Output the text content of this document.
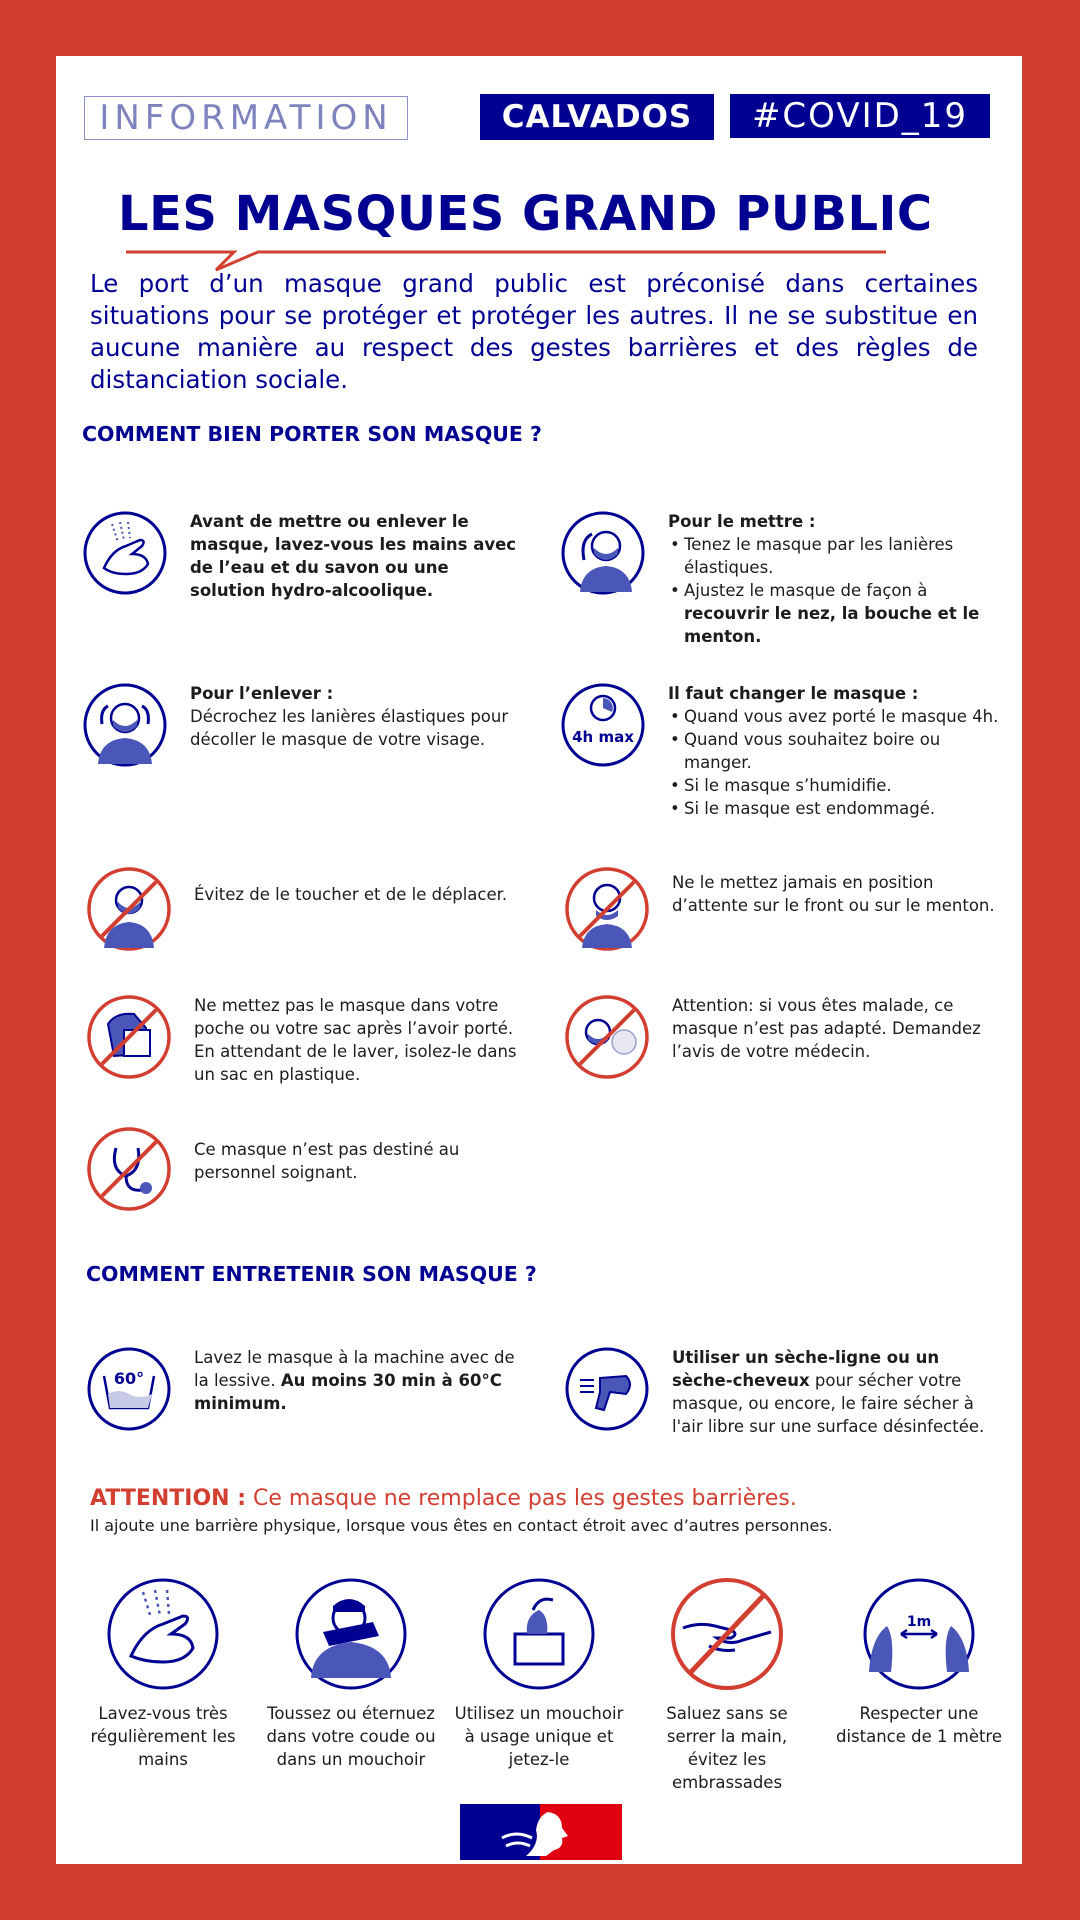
INFORMATION	CALVADOS	#COVID_19
LES MASQUES GRAND PUBLIC
Le port d’un masque grand public est préconisé dans certaines situations pour se protéger et protéger les autres. Il ne se substitue en aucune manière au respect des gestes barrières et des règles de distanciation sociale.
COMMENT BIEN PORTER SON MASQUE ?
Avant de mettre ou enlever le masque, lavez-vous les mains avec de l’eau et du savon ou une solution hydro-alcoolique.
Pour le mettre :
• Tenez le masque par les lanières élastiques.
• Ajustez le masque de façon à recouvrir le nez, la bouche et le menton.
Pour l’enlever :
Décrochez les lanières élastiques pour décoller le masque de votre visage.	4h max
Il faut changer le masque :
• Quand vous avez porté le masque 4h.
• Quand vous souhaitez boire ou manger.
• Si le masque s’humidifie.
• Si le masque est endommagé.
Évitez de le toucher et de le déplacer.
Ne le mettez jamais en position d’attente sur le front ou sur le menton.
Ne mettez pas le masque dans votre poche ou votre sac après l’avoir porté. En attendant de le laver, isolez-le dans un sac en plastique.
Attention: si vous êtes malade, ce masque n’est pas adapté. Demandez l’avis de votre médecin.
Ce masque n’est pas destiné au personnel soignant.
COMMENT ENTRETENIR SON MASQUE ?
60°
Lavez le masque à la machine avec de la lessive. Au moins 30 min à 60°C minimum.
Utiliser un sèche-ligne ou un sèche-cheveux pour sécher votre masque, ou encore, le faire sécher à l'air libre sur une surface désinfectée.
ATTENTION : Ce masque ne remplace pas les gestes barrières.
Il ajoute une barrière physique, lorsque vous êtes en contact étroit avec d’autres personnes.
Lavez-vous très régulièrement les mains
Toussez ou éternuez dans votre coude ou dans un mouchoir
Utilisez un mouchoir à usage unique et jetez-le
Saluez sans se serrer la main, évitez les embrassades
1m
Respecter une distance de 1 mètre
